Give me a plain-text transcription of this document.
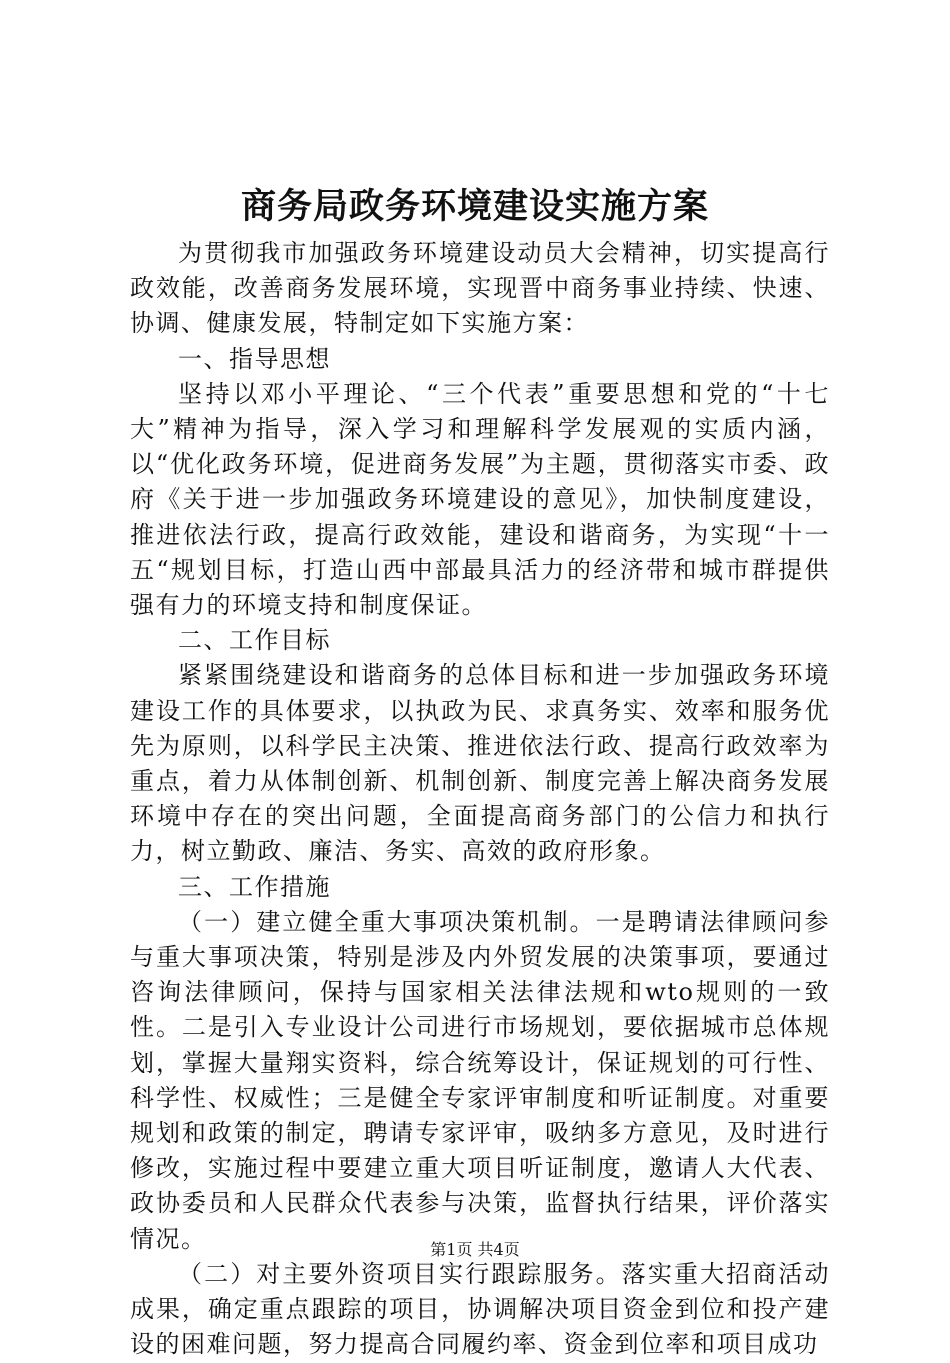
商务局政务环境建设实施方案

为贯彻我市加强政务环境建设动员大会精神，切实提高行政效能，改善商务发展环境，实现晋中商务事业持续、快速、协调、健康发展，特制定如下实施方案：

一、指导思想

坚持以邓小平理论、“三个代表”重要思想和党的“十七大”精神为指导，深入学习和理解科学发展观的实质内涵，以“优化政务环境，促进商务发展”为主题，贯彻落实市委、政府《关于进一步加强政务环境建设的意见》，加快制度建设，推进依法行政，提高行政效能，建设和谐商务，为实现“十一五“规划目标，打造山西中部最具活力的经济带和城市群提供强有力的环境支持和制度保证。

二、工作目标

紧紧围绕建设和谐商务的总体目标和进一步加强政务环境建设工作的具体要求，以执政为民、求真务实、效率和服务优先为原则，以科学民主决策、推进依法行政、提高行政效率为重点，着力从体制创新、机制创新、制度完善上解决商务发展环境中存在的突出问题，全面提高商务部门的公信力和执行力，树立勤政、廉洁、务实、高效的政府形象。

三、工作措施

（一）建立健全重大事项决策机制。一是聘请法律顾问参与重大事项决策，特别是涉及内外贸发展的决策事项，要通过咨询法律顾问，保持与国家相关法律法规和wto规则的一致性。二是引入专业设计公司进行市场规划，要依据城市总体规划，掌握大量翔实资料，综合统筹设计，保证规划的可行性、科学性、权威性；三是健全专家评审制度和听证制度。对重要规划和政策的制定，聘请专家评审，吸纳多方意见，及时进行修改，实施过程中要建立重大项目听证制度，邀请人大代表、政协委员和人民群众代表参与决策，监督执行结果，评价落实情况。

（二）对主要外资项目实行跟踪服务。落实重大招商活动成果，确定重点跟踪的项目，协调解决项目资金到位和投产建设的困难问题，努力提高合同履约率、资金到位率和项目成功

第1页 共4页
